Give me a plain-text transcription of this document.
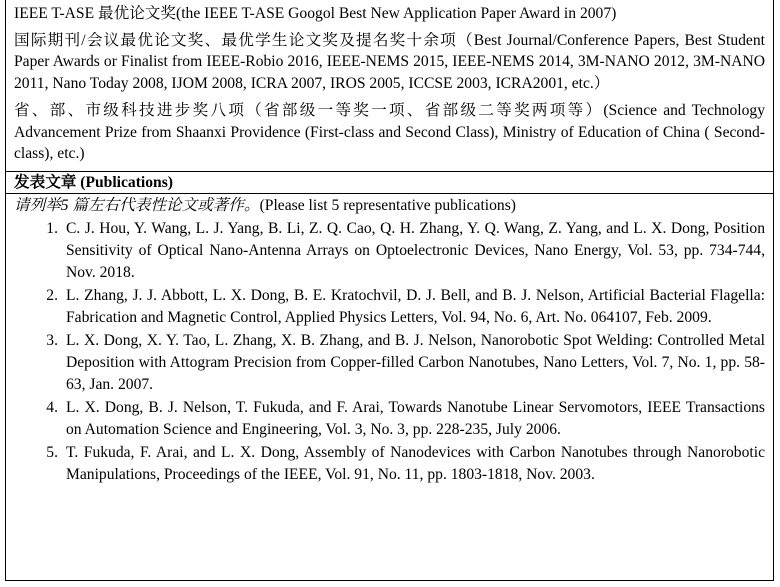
IEEE T-ASE 最优论文奖(the IEEE T-ASE Googol Best New Application Paper Award in 2007)

国际期刊/会议最优论文奖、最优学生论文奖及提名奖十余项（Best Journal/Conference Papers, Best Student Paper Awards or Finalist from IEEE-Robio 2016, IEEE-NEMS 2015, IEEE-NEMS 2014, 3M-NANO 2012, 3M-NANO 2011, Nano Today 2008, IJOM 2008, ICRA 2007, IROS 2005, ICCSE 2003, ICRA2001, etc.）

省、部、市级科技进步奖八项（省部级一等奖一项、省部级二等奖两项等）(Science and Technology Advancement Prize from Shaanxi Providence (First-class and Second Class), Ministry of Education of China ( Second-class), etc.)

发表文章 (Publications)

请列举5 篇左右代表性论文或著作。(Please list 5 representative publications)

1. C. J. Hou, Y. Wang, L. J. Yang, B. Li, Z. Q. Cao, Q. H. Zhang, Y. Q. Wang, Z. Yang, and L. X. Dong, Position Sensitivity of Optical Nano-Antenna Arrays on Optoelectronic Devices, Nano Energy, Vol. 53, pp. 734-744, Nov. 2018.
2. L. Zhang, J. J. Abbott, L. X. Dong, B. E. Kratochvil, D. J. Bell, and B. J. Nelson, Artificial Bacterial Flagella: Fabrication and Magnetic Control, Applied Physics Letters, Vol. 94, No. 6, Art. No. 064107, Feb. 2009.
3. L. X. Dong, X. Y. Tao, L. Zhang, X. B. Zhang, and B. J. Nelson, Nanorobotic Spot Welding: Controlled Metal Deposition with Attogram Precision from Copper-filled Carbon Nanotubes, Nano Letters, Vol. 7, No. 1, pp. 58-63, Jan. 2007.
4. L. X. Dong, B. J. Nelson, T. Fukuda, and F. Arai, Towards Nanotube Linear Servomotors, IEEE Transactions on Automation Science and Engineering, Vol. 3, No. 3, pp. 228-235, July 2006.
5. T. Fukuda, F. Arai, and L. X. Dong, Assembly of Nanodevices with Carbon Nanotubes through Nanorobotic Manipulations, Proceedings of the IEEE, Vol. 91, No. 11, pp. 1803-1818, Nov. 2003.
